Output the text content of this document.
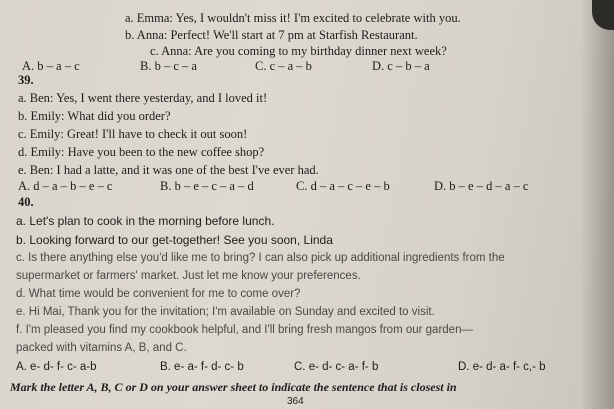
a. Emma: Yes, I wouldn't miss it! I'm excited to celebrate with you.
b. Anna: Perfect! We'll start at 7 pm at Starfish Restaurant.
c. Anna: Are you coming to my birthday dinner next week?
A. b – a – c	B. b – c – a	C. c – a – b	D. c – b – a
39.
a. Ben: Yes, I went there yesterday, and I loved it!
b. Emily: What did you order?
c. Emily: Great! I'll have to check it out soon!
d. Emily: Have you been to the new coffee shop?
e. Ben: I had a latte, and it was one of the best I've ever had.
A. d – a – b – e – c	B. b – e – c – a – d	C. d – a – c – e – b	D. b – e – d – a – c
40.
a. Let's plan to cook in the morning before lunch.
b. Looking forward to our get-together! See you soon, Linda
c. Is there anything else you'd like me to bring? I can also pick up additional ingredients from the
supermarket or farmers' market. Just let me know your preferences.
d. What time would be convenient for me to come over?
e. Hi Mai, Thank you for the invitation; I'm available on Sunday and excited to visit.
f. I'm pleased you find my cookbook helpful, and I'll bring fresh mangos from our garden—
packed with vitamins A, B, and C.
A. e- d- f- c- a-b	B. e- a- f- d- c- b	C. e- d- c- a- f- b	D. e- d- a- f- c,- b
Mark the letter A, B, C or D on your answer sheet to indicate the sentence that is closest in
364
